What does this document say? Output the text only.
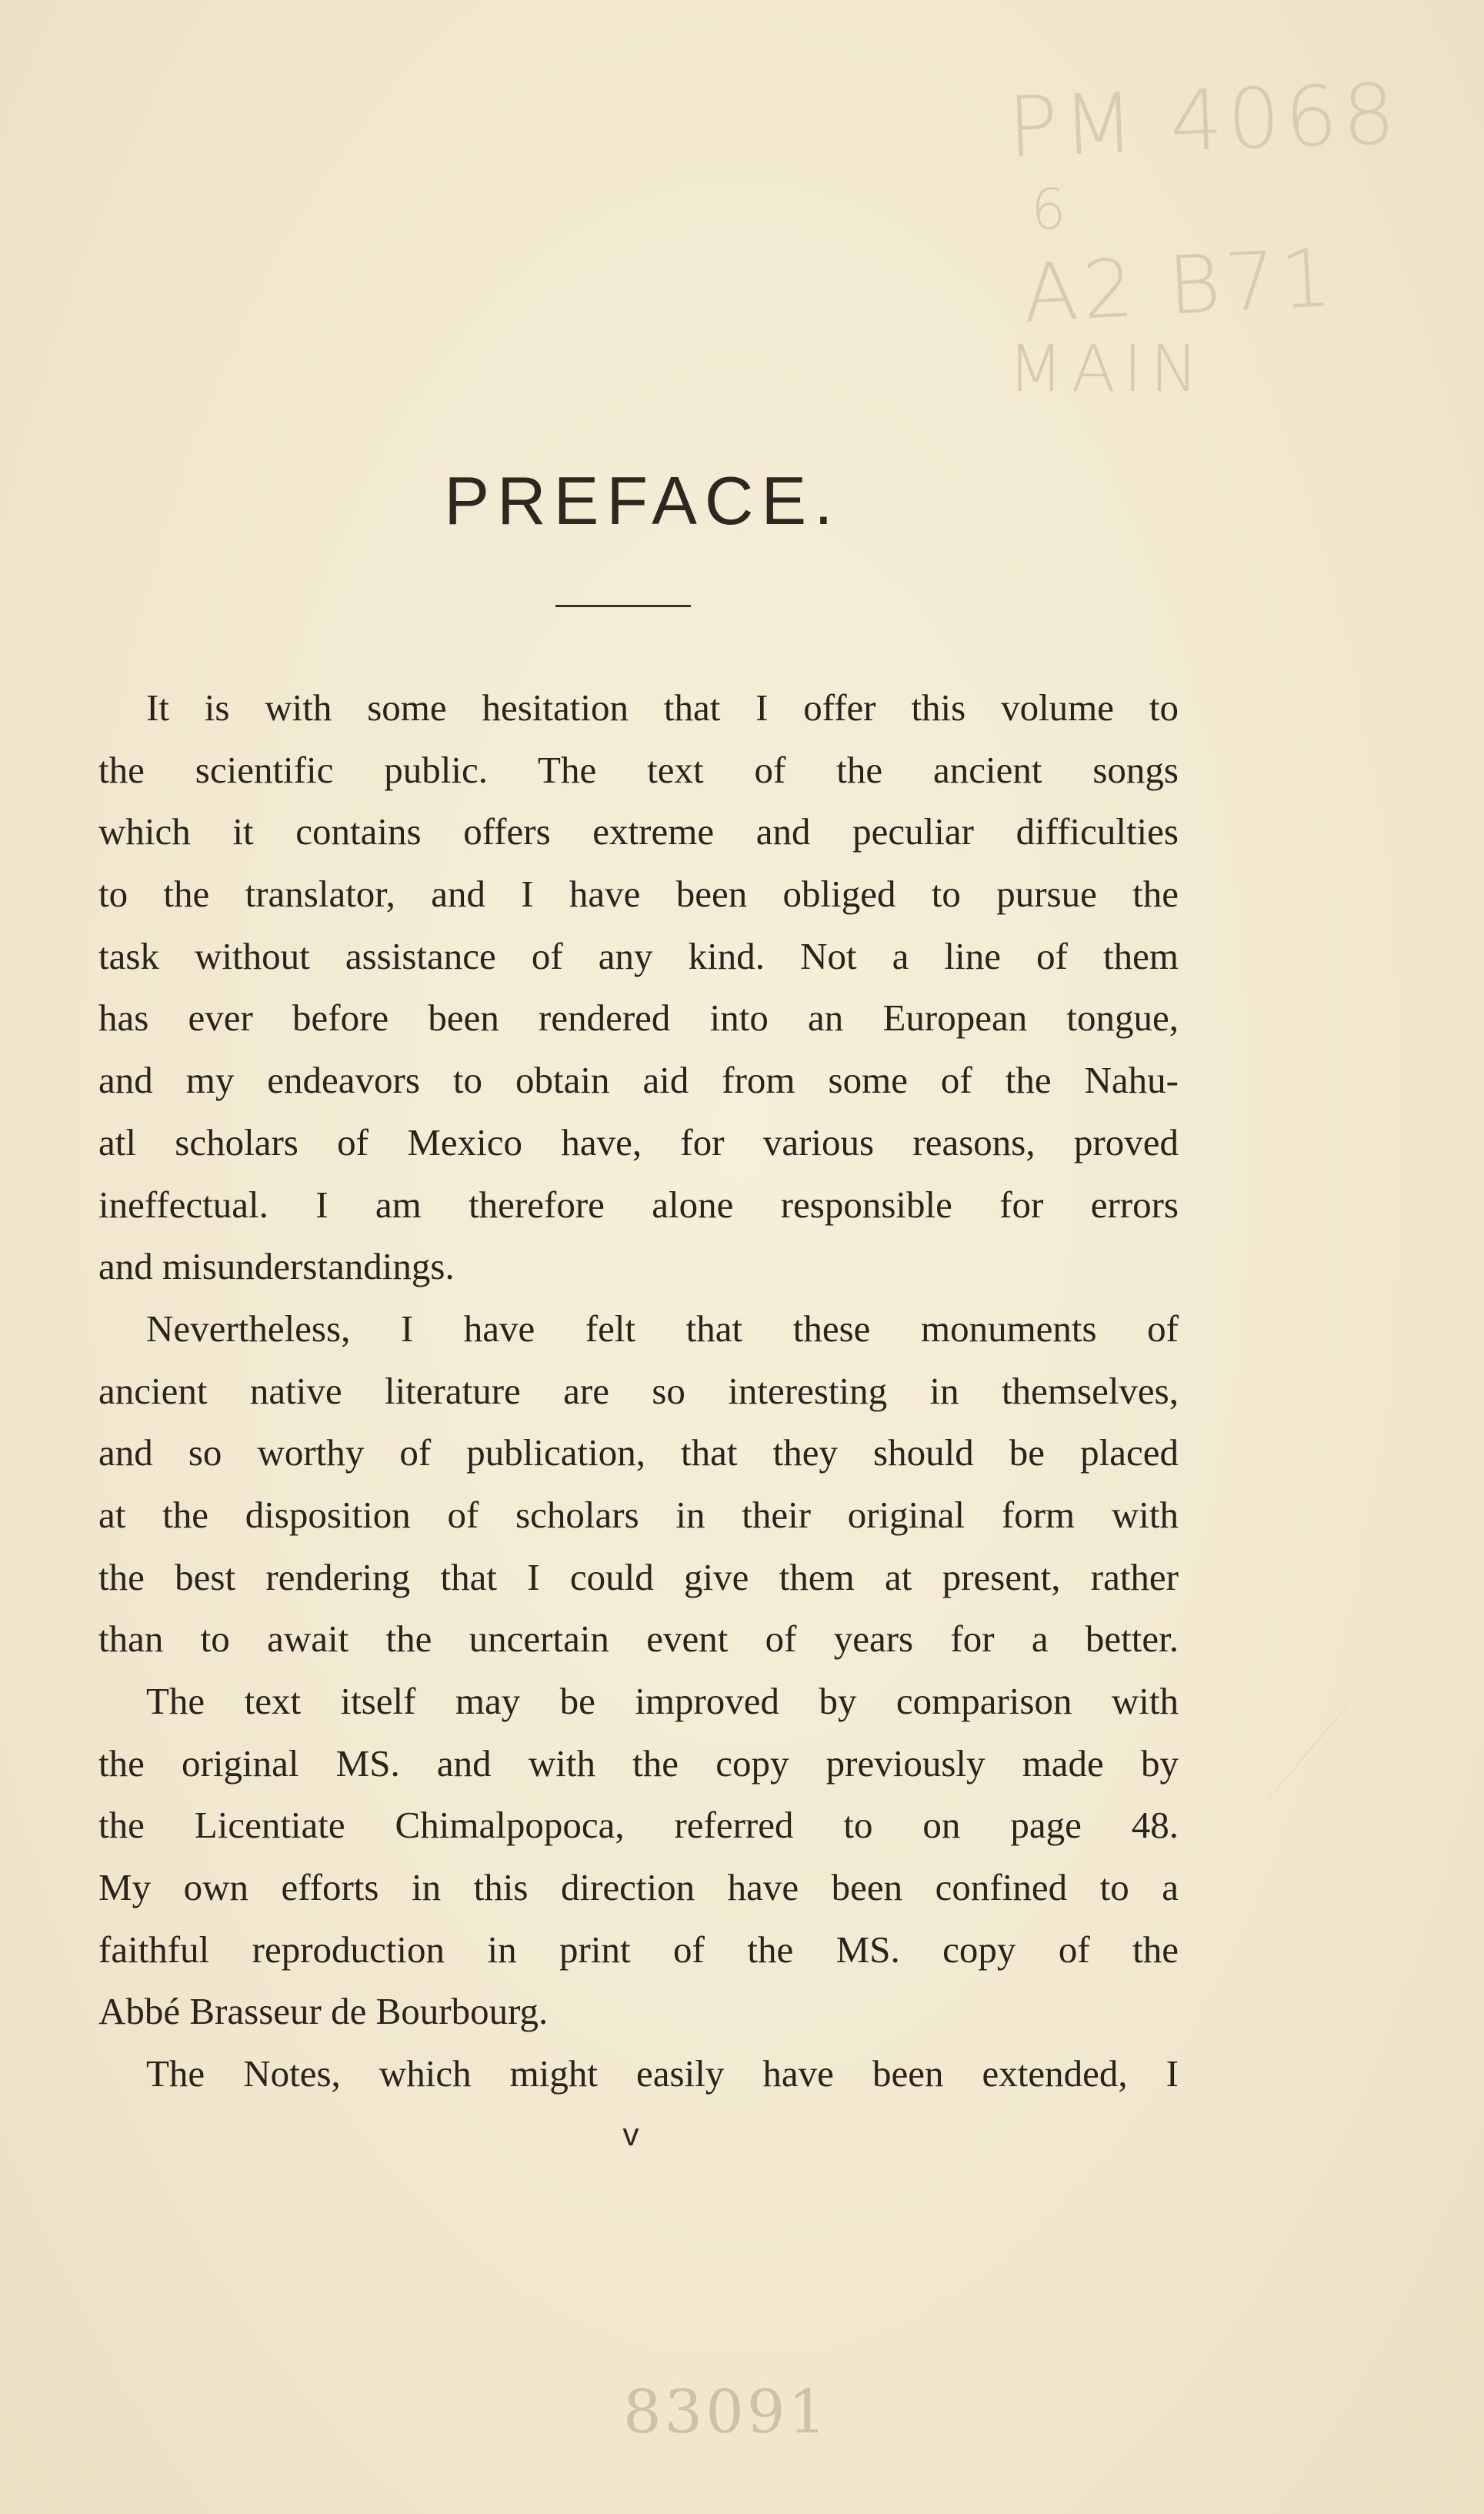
PM 4068
6
A2 B71
MAIN
PREFACE.
It is with some hesitation that I offer this volume to
the scientific public. The text of the ancient songs
which it contains offers extreme and peculiar difficulties
to the translator, and I have been obliged to pursue the
task without assistance of any kind. Not a line of them
has ever before been rendered into an European tongue,
and my endeavors to obtain aid from some of the Nahu-
atl scholars of Mexico have, for various reasons, proved
ineffectual. I am therefore alone responsible for errors
and misunderstandings.
Nevertheless, I have felt that these monuments of
ancient native literature are so interesting in themselves,
and so worthy of publication, that they should be placed
at the disposition of scholars in their original form with
the best rendering that I could give them at present, rather
than to await the uncertain event of years for a better.
The text itself may be improved by comparison with
the original MS. and with the copy previously made by
the Licentiate Chimalpopoca, referred to on page 48.
My own efforts in this direction have been confined to a
faithful reproduction in print of the MS. copy of the
Abbé Brasseur de Bourbourg.
The Notes, which might easily have been extended, I
v
83091
